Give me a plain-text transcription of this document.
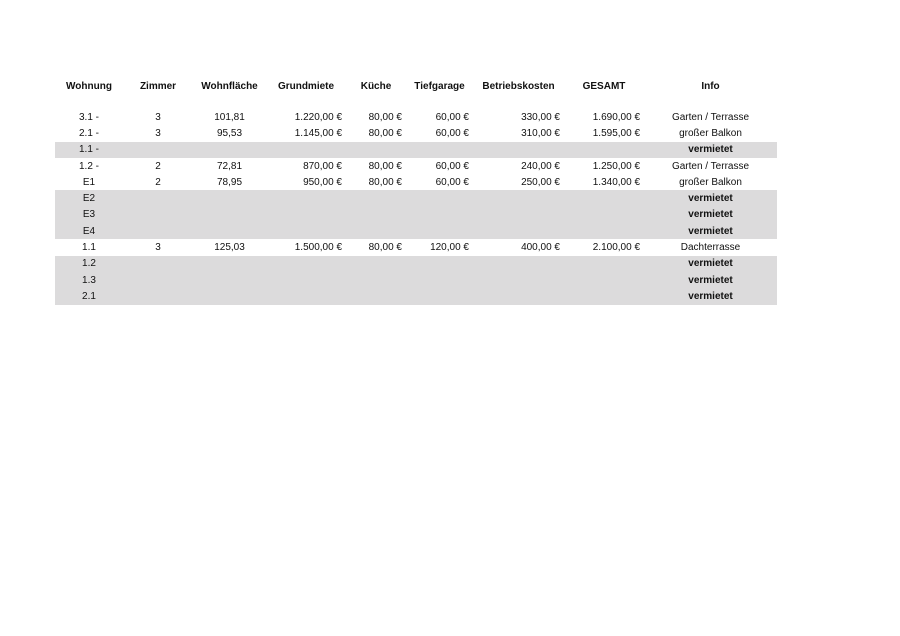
Wohnung	Zimmer	Wohnfläche	Grundmiete	Küche	Tiefgarage	Betriebskosten	GESAMT	Info

3.1 -	3	101,81	1.220,00 €	80,00 €	60,00 €	330,00 €	1.690,00 €	Garten / Terrasse
2.1 -	3	95,53	1.145,00 €	80,00 €	60,00 €	310,00 €	1.595,00 €	großer Balkon
1.1 -								vermietet
1.2 -	2	72,81	870,00 €	80,00 €	60,00 €	240,00 €	1.250,00 €	Garten / Terrasse
E1	2	78,95	950,00 €	80,00 €	60,00 €	250,00 €	1.340,00 €	großer Balkon
E2								vermietet
E3								vermietet
E4								vermietet
1.1	3	125,03	1.500,00 €	80,00 €	120,00 €	400,00 €	2.100,00 €	Dachterrasse
1.2								vermietet
1.3								vermietet
2.1								vermietet
